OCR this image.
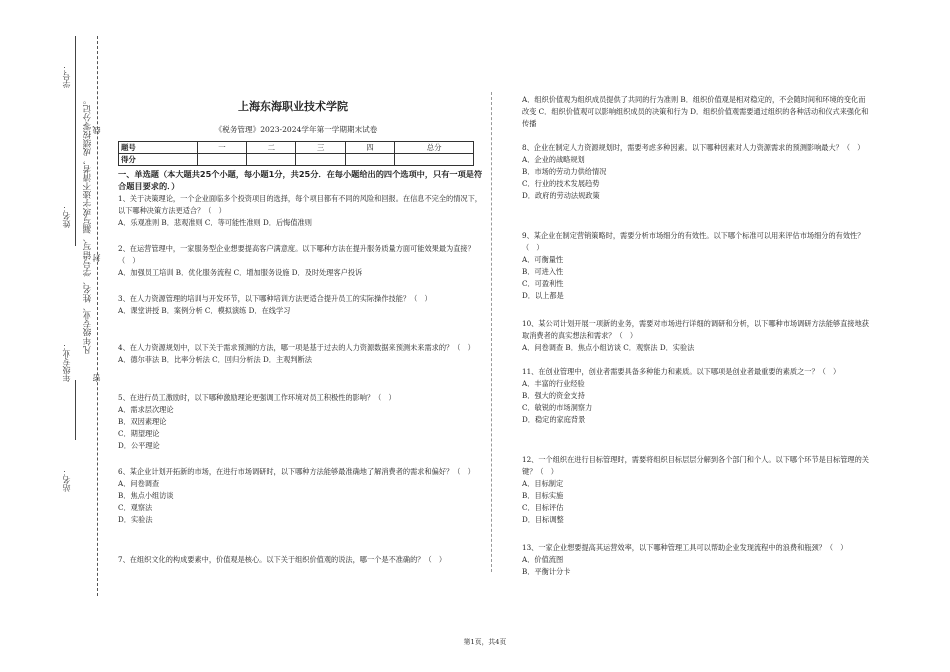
学号：
姓名： 凡年级专业、姓名、学号错写、漏写或字迹不清者，成绩按零分记。
密
封
线
年级专业：
站名：
上海东海职业技术学院
《税务管理》2023-2024学年第一学期期末试卷
题号	一	二	三	四	总分
得分					
一、单选题（本大题共25个小题，每小题1分，共25分．在每小题给出的四个选项中，只有一项是符合题目要求的．）
1、关于决策理论，一个企业面临多个投资项目的选择，每个项目都有不同的风险和回报。在信息不完全的情况下，以下哪种决策方法更适合？（　）
A．乐观准则 B．悲观准则 C．等可能性准则 D．后悔值准则
2、在运营管理中，一家服务型企业想要提高客户满意度。以下哪种方法在提升服务质量方面可能效果最为直接？（　）
A．加强员工培训 B．优化服务流程 C．增加服务设施 D．及时处理客户投诉
3、在人力资源管理的培训与开发环节，以下哪种培训方法更适合提升员工的实际操作技能？（　）
A．课堂讲授 B．案例分析 C．模拟演练 D．在线学习
4、在人力资源规划中，以下关于需求预测的方法，哪一项是基于过去的人力资源数据来预测未来需求的？（　）
A．德尔菲法 B．比率分析法 C．回归分析法 D．主观判断法
5、在进行员工激励时，以下哪种激励理论更强调工作环境对员工积极性的影响？（　）
A．需求层次理论
B．双因素理论
C．期望理论
D．公平理论
6、某企业计划开拓新的市场，在进行市场调研时，以下哪种方法能够最准确地了解消费者的需求和偏好？（　）
A．问卷调查
B．焦点小组访谈
C．观察法
D．实验法
7、在组织文化的构成要素中，价值观是核心。以下关于组织价值观的说法，哪一个是不准确的？（　）
A．组织价值观为组织成员提供了共同的行为准则 B．组织价值观是相对稳定的，不会随时间和环境的变化而改变 C．组织价值观可以影响组织成员的决策和行为 D．组织价值观需要通过组织的各种活动和仪式来强化和传播
8、企业在制定人力资源规划时，需要考虑多种因素。以下哪种因素对人力资源需求的预测影响最大？（　）
A．企业的战略规划
B．市场的劳动力供给情况
C．行业的技术发展趋势
D．政府的劳动法规政策
9、某企业在制定营销策略时，需要分析市场细分的有效性。以下哪个标准可以用来评估市场细分的有效性？（　）
A．可衡量性
B．可进入性
C．可盈利性
D．以上都是
10、某公司计划开展一项新的业务，需要对市场进行详细的调研和分析，以下哪种市场调研方法能够直接地获取消费者的真实想法和需求？（　）
A．问卷调查 B．焦点小组访谈 C．观察法 D．实验法
11、在创业管理中，创业者需要具备多种能力和素质。以下哪项是创业者最重要的素质之一？（　）
A．丰富的行业经验
B．强大的资金支持
C．敏锐的市场洞察力
D．稳定的家庭背景
12、一个组织在进行目标管理时，需要将组织目标层层分解到各个部门和个人。以下哪个环节是目标管理的关键？（　）
A．目标制定
B．目标实施
C．目标评估
D．目标调整
13、一家企业想要提高其运营效率，以下哪种管理工具可以帮助企业发现流程中的浪费和瓶颈？（　）
A．价值流图
B．平衡计分卡
第1页，共4页
